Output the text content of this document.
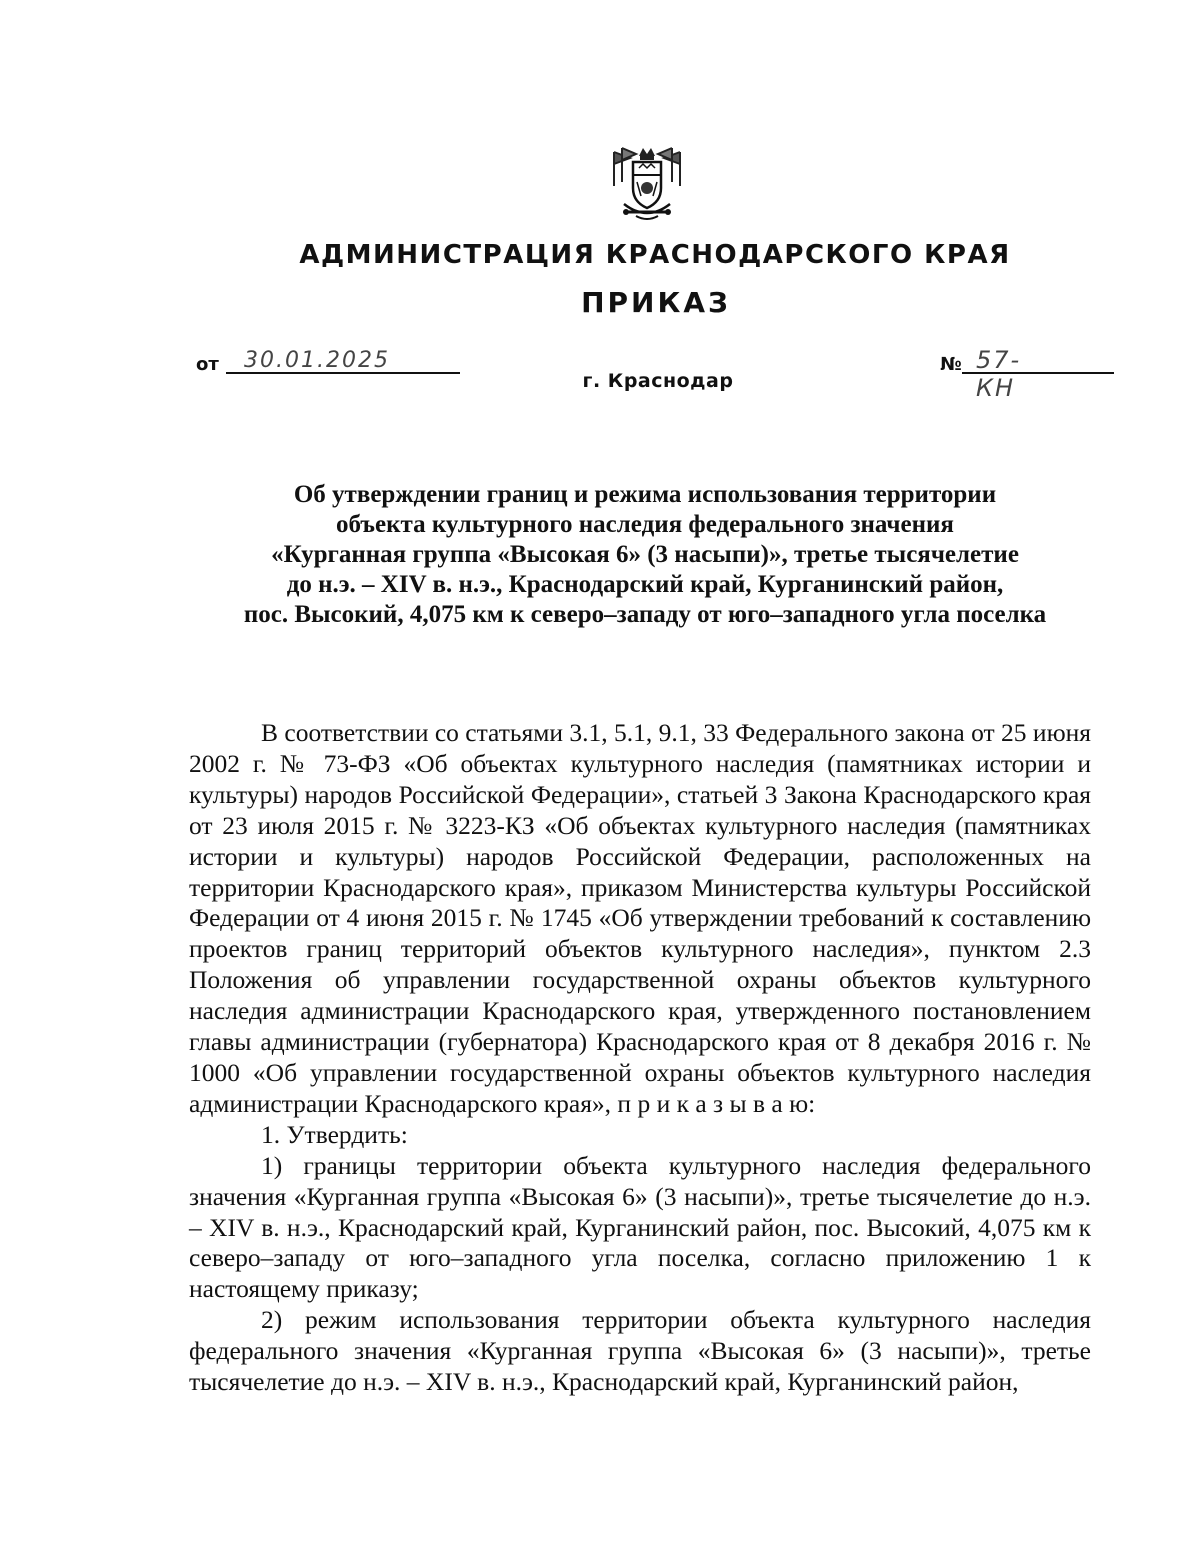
АДМИНИСТРАЦИЯ КРАСНОДАРСКОГО КРАЯ
ПРИКАЗ
от 30.01.2025	№ 57-КН
г. Краснодар
Об утверждении границ и режима использования территории
объекта культурного наследия федерального значения
«Курганная группа «Высокая 6» (3 насыпи)», третье тысячелетие
до н.э. – XIV в. н.э., Краснодарский край, Курганинский район,
пос. Высокий, 4,075 км к северо–западу от юго–западного угла поселка

В соответствии со статьями 3.1, 5.1, 9.1, 33 Федерального закона от 25 июня 2002 г. № 73-ФЗ «Об объектах культурного наследия (памятниках истории и культуры) народов Российской Федерации», статьей 3 Закона Краснодарского края от 23 июля 2015 г. № 3223-КЗ «Об объектах культурного наследия (памятниках истории и культуры) народов Российской Федерации, расположенных на территории Краснодарского края», приказом Министерства культуры Российской Федерации от 4 июня 2015 г. № 1745 «Об утверждении требований к составлению проектов границ территорий объектов культурного наследия», пунктом 2.3 Положения об управлении государственной охраны объектов культурного наследия администрации Краснодарского края, утвержденного постановлением главы администрации (губернатора) Краснодарского края от 8 декабря 2016 г. № 1000 «Об управлении государственной охраны объектов культурного наследия администрации Краснодарского края», п р и к а з ы в а ю:

1. Утвердить:

1) границы территории объекта культурного наследия федерального значения «Курганная группа «Высокая 6» (3 насыпи)», третье тысячелетие до н.э. – XIV в. н.э., Краснодарский край, Курганинский район, пос. Высокий, 4,075 км к северо–западу от юго–западного угла поселка, согласно приложению 1 к настоящему приказу;

2) режим использования территории объекта культурного наследия федерального значения «Курганная группа «Высокая 6» (3 насыпи)», третье тысячелетие до н.э. – XIV в. н.э., Краснодарский край, Курганинский район,
